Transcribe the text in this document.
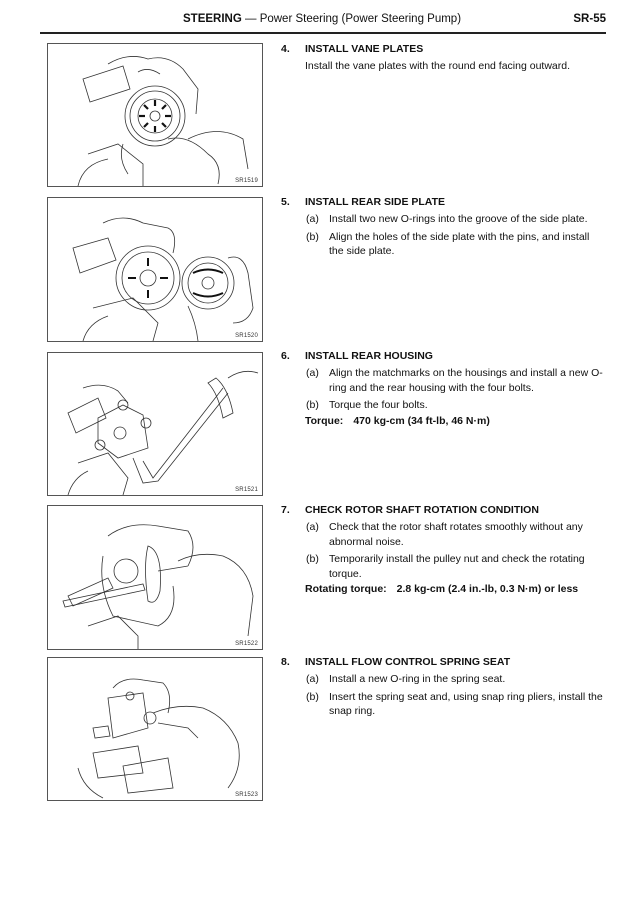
STEERING — Power Steering (Power Steering Pump)	SR-55
SR1519
SR1520
SR1521
SR1522
SR1523
4. INSTALL VANE PLATES

Install the vane plates with the round end facing outward.

5. INSTALL REAR SIDE PLATE
(a) Install two new O-rings into the groove of the side plate.
(b) Align the holes of the side plate with the pins, and install the side plate.
6. INSTALL REAR HOUSING
(a) Align the matchmarks on the housings and install a new O-ring and the rear housing with the four bolts.
(b) Torque the four bolts.
Torque: 470 kg-cm (34 ft-lb, 46 N·m)
7. CHECK ROTOR SHAFT ROTATION CONDITION
(a) Check that the rotor shaft rotates smoothly without any abnormal noise.
(b) Temporarily install the pulley nut and check the rotating torque.
Rotating torque: 2.8 kg-cm (2.4 in.-lb, 0.3 N·m) or less
8. INSTALL FLOW CONTROL SPRING SEAT
(a) Install a new O-ring in the spring seat.
(b) Insert the spring seat and, using snap ring pliers, install the snap ring.
